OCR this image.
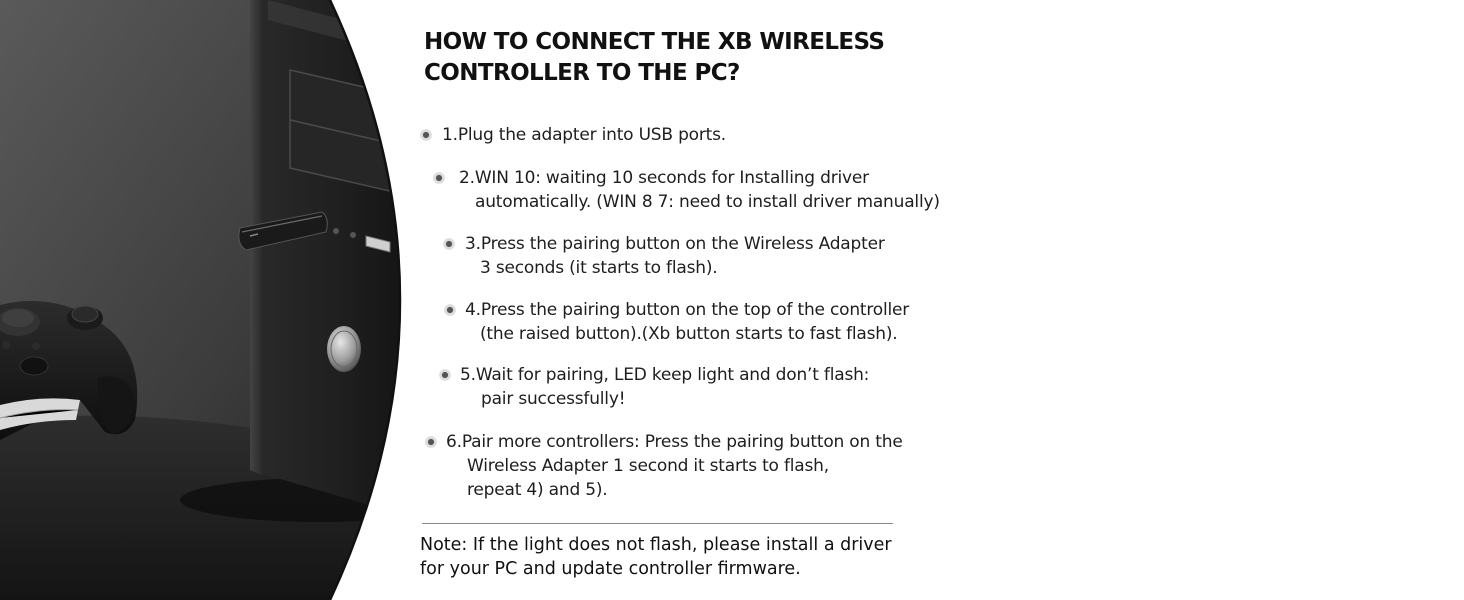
HOW TO CONNECT THE XB WIRELESS
CONTROLLER TO THE PC?
1.Plug the adapter into USB ports.
2.WIN 10: waiting 10 seconds for Installing driver
automatically. (WIN 8 7: need to install driver manually)
3.Press the pairing button on the Wireless Adapter
3 seconds (it starts to flash).
4.Press the pairing button on the top of the controller
(the raised button).(Xb button starts to fast flash).
5.Wait for pairing, LED keep light and don’t flash:
pair successfully!
6.Pair more controllers: Press the pairing button on the
Wireless Adapter 1 second it starts to flash,
repeat 4) and 5).

Note: If the light does not flash, please install a driver
for your PC and update controller firmware.
